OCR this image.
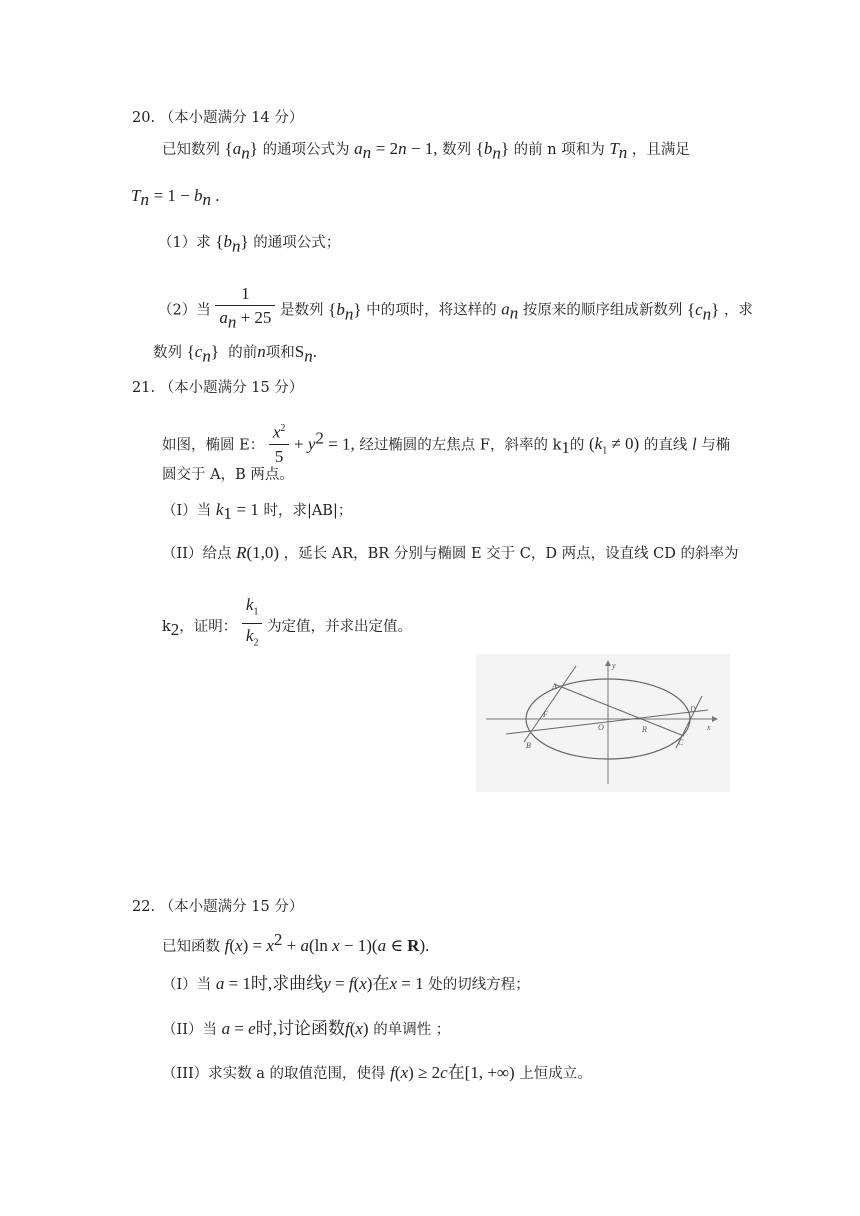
20. （本小题满分 14 分）
已知数列 $\{a_n\}$ 的通项公式为 $a_n = 2n - 1$, 数列 $\{b_n\}$ 的前 n 项和为 $T_n$ ，且满足
$T_n = 1 - b_n$ .
（1）求 $\{b_n\}$ 的通项公式；
（2）当 $\frac{1}{a_n + 25}$ 是数列 $\{b_n\}$ 中的项时，将这样的 $a_n$ 按原来的顺序组成新数列 $\{c_n\}$ ，求
数列 $\{c_n\}$ 的前n项和$S_n$.
21. （本小题满分 15 分）
如图，椭圆 E： $\frac{x^2}{5} + y^2 = 1$, 经过椭圆的左焦点 F，斜率的 $k_1$的 $(k_1 \ne 0)$ 的直线 l 与椭
圆交于 A，B 两点。
（I）当 $k_1 = 1$ 时，求|AB|；
（II）给点 R(1,0) ，延长 AR，BR 分别与椭圆 E 交于 C，D 两点，设直线 CD 的斜率为
$k_2$，证明： $\frac{k_1}{k_2}$ 为定值，并求出定值。
A
F
B
O	R
C
D
x
y
22. （本小题满分 15 分）
已知函数 $f(x) = x^2 + a(\ln$ x − 1)(a ∈ R).
（I）当 a = 1时,求曲线y = f(x)在x = 1 处的切线方程；
（II）当 a = e时,讨论函数f(x) 的单调性 ；
（III）求实数 a 的取值范围，使得 f(x) ≥ 2c在[1, +∞) 上恒成立。
